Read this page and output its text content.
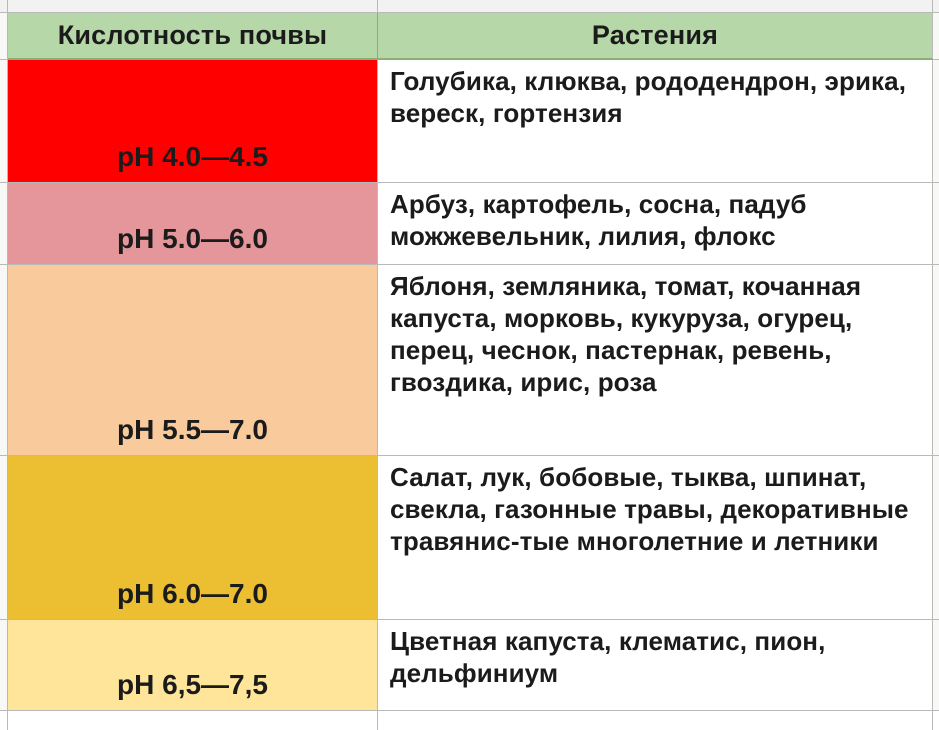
Кислотность почвы	Растения
pH 4.0—4.5
Голубика, клюква, рододендрон, эрика, вереск, гортензия
pH 5.0—6.0
Арбуз, картофель, сосна, падуб можжевельник, лилия, флокс
pH 5.5—7.0
Яблоня, земляника, томат, кочанная капуста, морковь, кукуруза, огурец, перец, чеснок, пастернак, ревень, гвоздика, ирис, роза
pH 6.0—7.0
Салат, лук, бобовые, тыква, шпинат, свекла, газонные травы, декоративные травянис-тые многолетние и летники
pH 6,5—7,5
Цветная капуста, клематис, пион, дельфиниум
